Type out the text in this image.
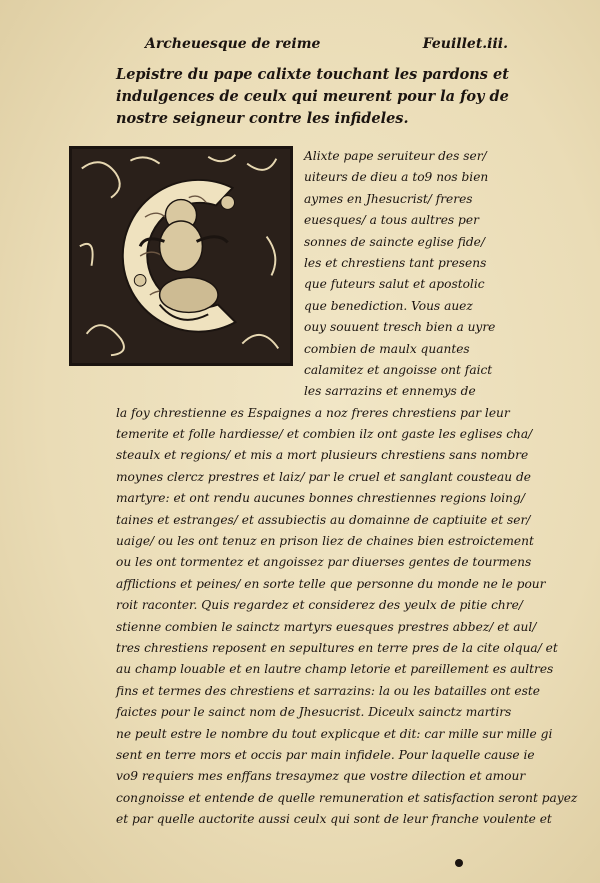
Archeuesque de reime	Feuillet.iii.
Lepistre du pape calixte touchant les pardons et
indulgences de ceulx qui meurent pour la foy de
nostre seigneur contre les infideles.
Alixte pape seruiteur des ser/
uiteurs de dieu a to9 nos bien
aymes en Jhesucrist/ freres
euesques/ a tous aultres per
sonnes de saincte eglise fide/
les et chrestiens tant presens
que futeurs salut et apostolic
que benediction. Vous auez
ouy souuent tresch bien a uyre
combien de maulx quantes
calamitez et angoisse ont faict
les sarrazins et ennemys de
la foy chrestienne es Espaignes a noz freres chrestiens par leur
temerite et folle hardiesse/ et combien ilz ont gaste les eglises cha/
steaulx et regions/ et mis a mort plusieurs chrestiens sans nombre
moynes clercz prestres et laiz/ par le cruel et sanglant cousteau de
martyre: et ont rendu aucunes bonnes chrestiennes regions loing/
taines et estranges/ et assubiectis au domainne de captiuite et ser/
uaige/ ou les ont tenuz en prison liez de chaines bien estroictement
ou les ont tormentez et angoissez par diuerses gentes de tourmens
afflictions et peines/ en sorte telle que personne du monde ne le pour
roit raconter. Quis regardez et considerez des yeulx de pitie chre/
stienne combien le sainctz martyrs euesques prestres abbez/ et aul/
tres chrestiens reposent en sepultures en terre pres de la cite olqua/ et
au champ louable et en lautre champ letorie et pareillement es aultres
fins et termes des chrestiens et sarrazins: la ou les batailles ont este
faictes pour le sainct nom de Jhesucrist. Diceulx sainctz martirs
ne peult estre le nombre du tout explicque et dit: car mille sur mille gi
sent en terre mors et occis par main infidele. Pour laquelle cause ie
vo9 requiers mes enffans tresaymez que vostre dilection et amour
congnoisse et entende de quelle remuneration et satisfaction seront payez
et par quelle auctorite aussi ceulx qui sont de leur franche voulente et
